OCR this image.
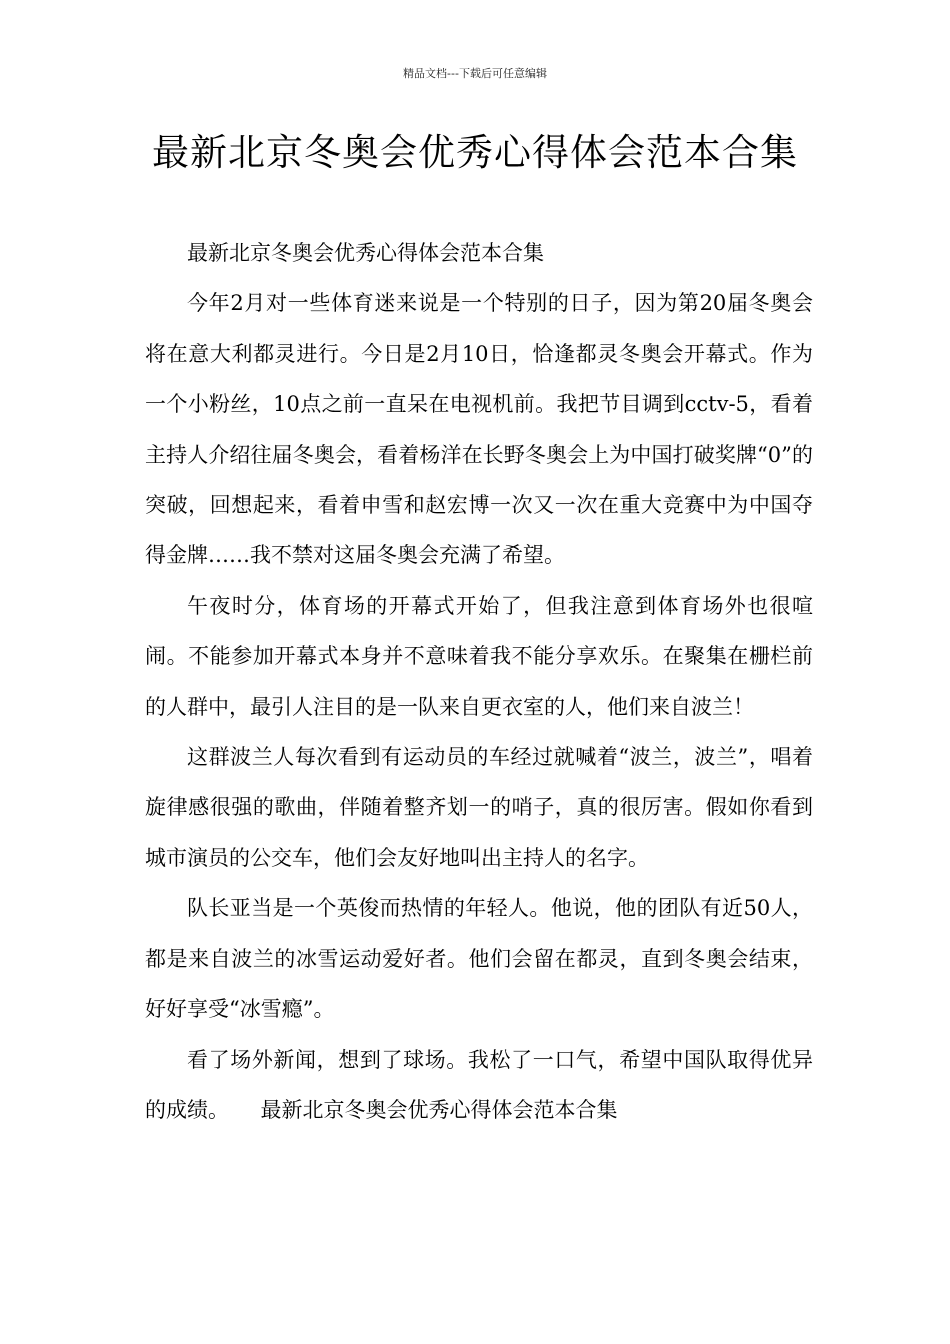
精品文档---下载后可任意编辑
最新北京冬奥会优秀心得体会范本合集

最新北京冬奥会优秀心得体会范本合集

今年2月对一些体育迷来说是一个特别的日子，因为第20届冬奥会将在意大利都灵进行。今日是2月10日，恰逢都灵冬奥会开幕式。作为一个小粉丝，10点之前一直呆在电视机前。我把节目调到cctv-5，看着主持人介绍往届冬奥会，看着杨洋在长野冬奥会上为中国打破奖牌“0”的突破，回想起来，看着申雪和赵宏博一次又一次在重大竞赛中为中国夺得金牌……我不禁对这届冬奥会充满了希望。

午夜时分，体育场的开幕式开始了，但我注意到体育场外也很喧闹。不能参加开幕式本身并不意味着我不能分享欢乐。在聚集在栅栏前的人群中，最引人注目的是一队来自更衣室的人，他们来自波兰！

这群波兰人每次看到有运动员的车经过就喊着“波兰，波兰”，唱着旋律感很强的歌曲，伴随着整齐划一的哨子，真的很厉害。假如你看到城市演员的公交车，他们会友好地叫出主持人的名字。

队长亚当是一个英俊而热情的年轻人。他说，他的团队有近50人，都是来自波兰的冰雪运动爱好者。他们会留在都灵，直到冬奥会结束，好好享受“冰雪瘾”。

看了场外新闻，想到了球场。我松了一口气，希望中国队取得优异的成绩。　　最新北京冬奥会优秀心得体会范本合集
